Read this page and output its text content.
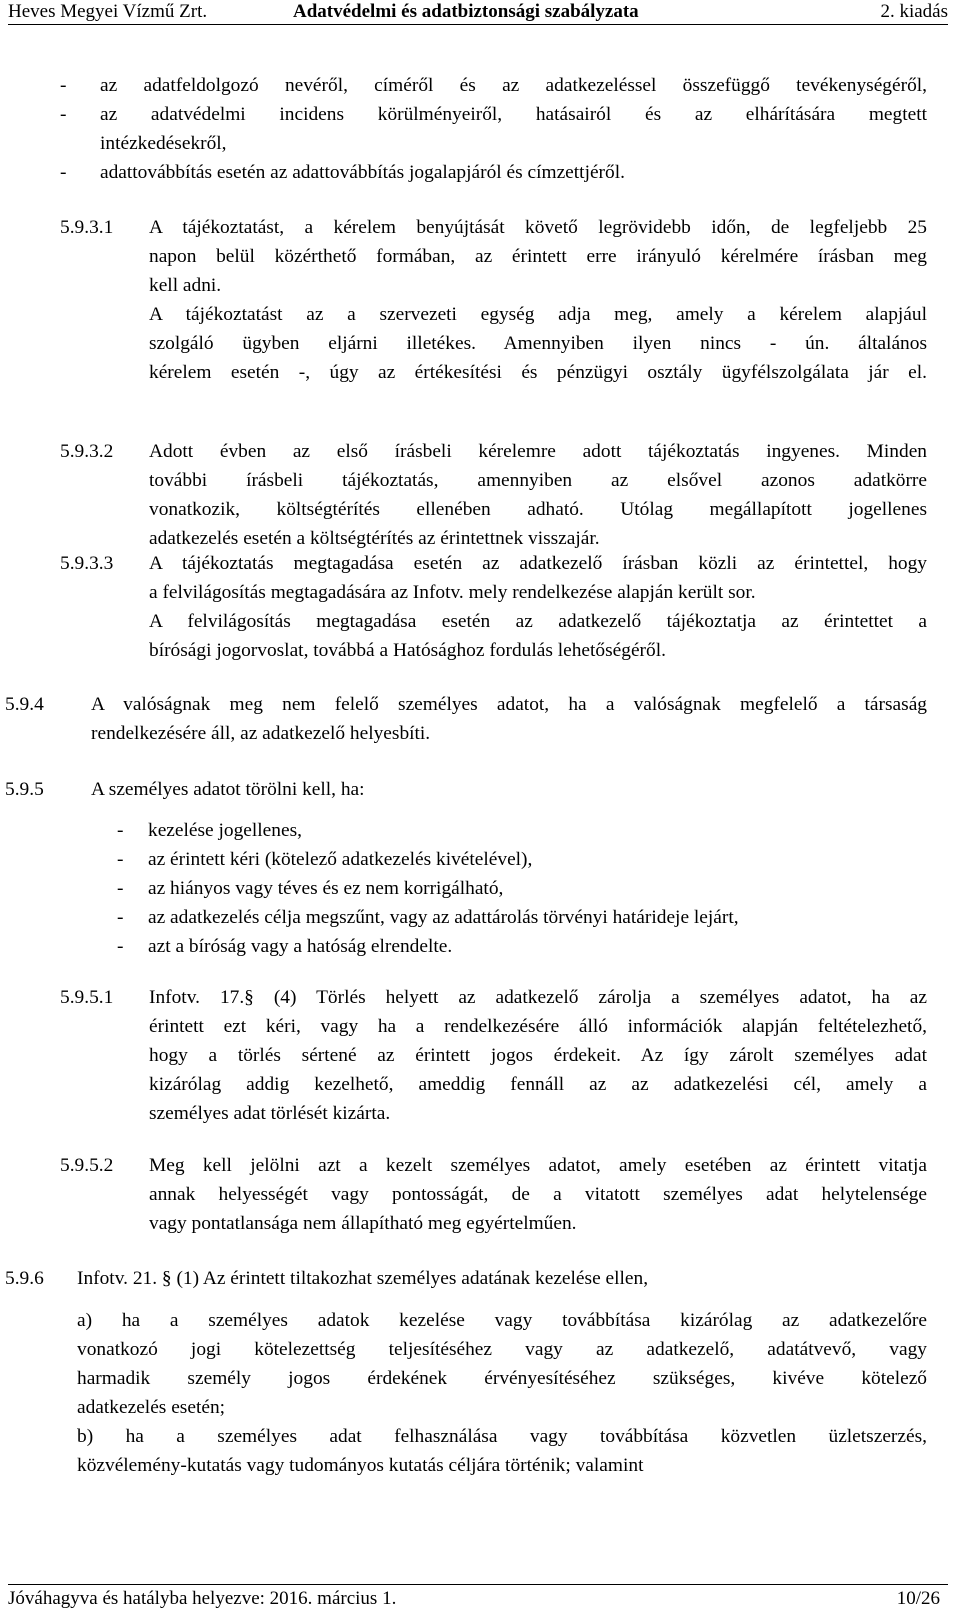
Heves Megyei Vízmű Zrt.	Adatvédelmi és adatbiztonsági szabályzata	2. kiadás
-	az adatfeldolgozó nevéről, címéről és az adatkezeléssel összefüggő tevékenységéről,
-	az adatvédelmi incidens körülményeiről, hatásairól és az elhárítására megtett
intézkedésekről,
-	adattovábbítás esetén az adattovábbítás jogalapjáról és címzettjéről.
5.9.3.1 A tájékoztatást, a kérelem benyújtását követő legrövidebb időn, de legfeljebb 25
napon belül közérthető formában, az érintett erre irányuló kérelmére írásban meg
kell adni.
A tájékoztatást az a szervezeti egység adja meg, amely a kérelem alapjául
szolgáló ügyben eljárni illetékes. Amennyiben ilyen nincs - ún. általános
kérelem esetén -, úgy az értékesítési és pénzügyi osztály ügyfélszolgálata jár el.
5.9.3.2 Adott évben az első írásbeli kérelemre adott tájékoztatás ingyenes. Minden
további írásbeli tájékoztatás, amennyiben az elsővel azonos adatkörre
vonatkozik, költségtérítés ellenében adható. Utólag megállapított jogellenes
adatkezelés esetén a költségtérítés az érintettnek visszajár.
5.9.3.3 A tájékoztatás megtagadása esetén az adatkezelő írásban közli az érintettel, hogy
a felvilágosítás megtagadására az Infotv. mely rendelkezése alapján került sor.
A felvilágosítás megtagadása esetén az adatkezelő tájékoztatja az érintettet a
bírósági jogorvoslat, továbbá a Hatósághoz fordulás lehetőségéről.
5.9.4 A valóságnak meg nem felelő személyes adatot, ha a valóságnak megfelelő a társaság
rendelkezésére áll, az adatkezelő helyesbíti.
5.9.5 A személyes adatot törölni kell, ha:
-	kezelése jogellenes,
-	az érintett kéri (kötelező adatkezelés kivételével),
-	az hiányos vagy téves és ez nem korrigálható,
-	az adatkezelés célja megszűnt, vagy az adattárolás törvényi határideje lejárt,
-	azt a bíróság vagy a hatóság elrendelte.
5.9.5.1 Infotv. 17.§ (4) Törlés helyett az adatkezelő zárolja a személyes adatot, ha az
érintett ezt kéri, vagy ha a rendelkezésére álló információk alapján feltételezhető,
hogy a törlés sértené az érintett jogos érdekeit. Az így zárolt személyes adat
kizárólag addig kezelhető, ameddig fennáll az az adatkezelési cél, amely a
személyes adat törlését kizárta.
5.9.5.2 Meg kell jelölni azt a kezelt személyes adatot, amely esetében az érintett vitatja
annak helyességét vagy pontosságát, de a vitatott személyes adat helytelensége
vagy pontatlansága nem állapítható meg egyértelműen.
5.9.6 Infotv. 21. § (1) Az érintett tiltakozhat személyes adatának kezelése ellen,
a) ha a személyes adatok kezelése vagy továbbítása kizárólag az adatkezelőre
vonatkozó jogi kötelezettség teljesítéséhez vagy az adatkezelő, adatátvevő, vagy
harmadik személy jogos érdekének érvényesítéséhez szükséges, kivéve kötelező
adatkezelés esetén;
b) ha a személyes adat felhasználása vagy továbbítása közvetlen üzletszerzés,
közvélemény-kutatás vagy tudományos kutatás céljára történik; valamint
Jóváhagyva és hatályba helyezve: 2016. március 1.	10/26
